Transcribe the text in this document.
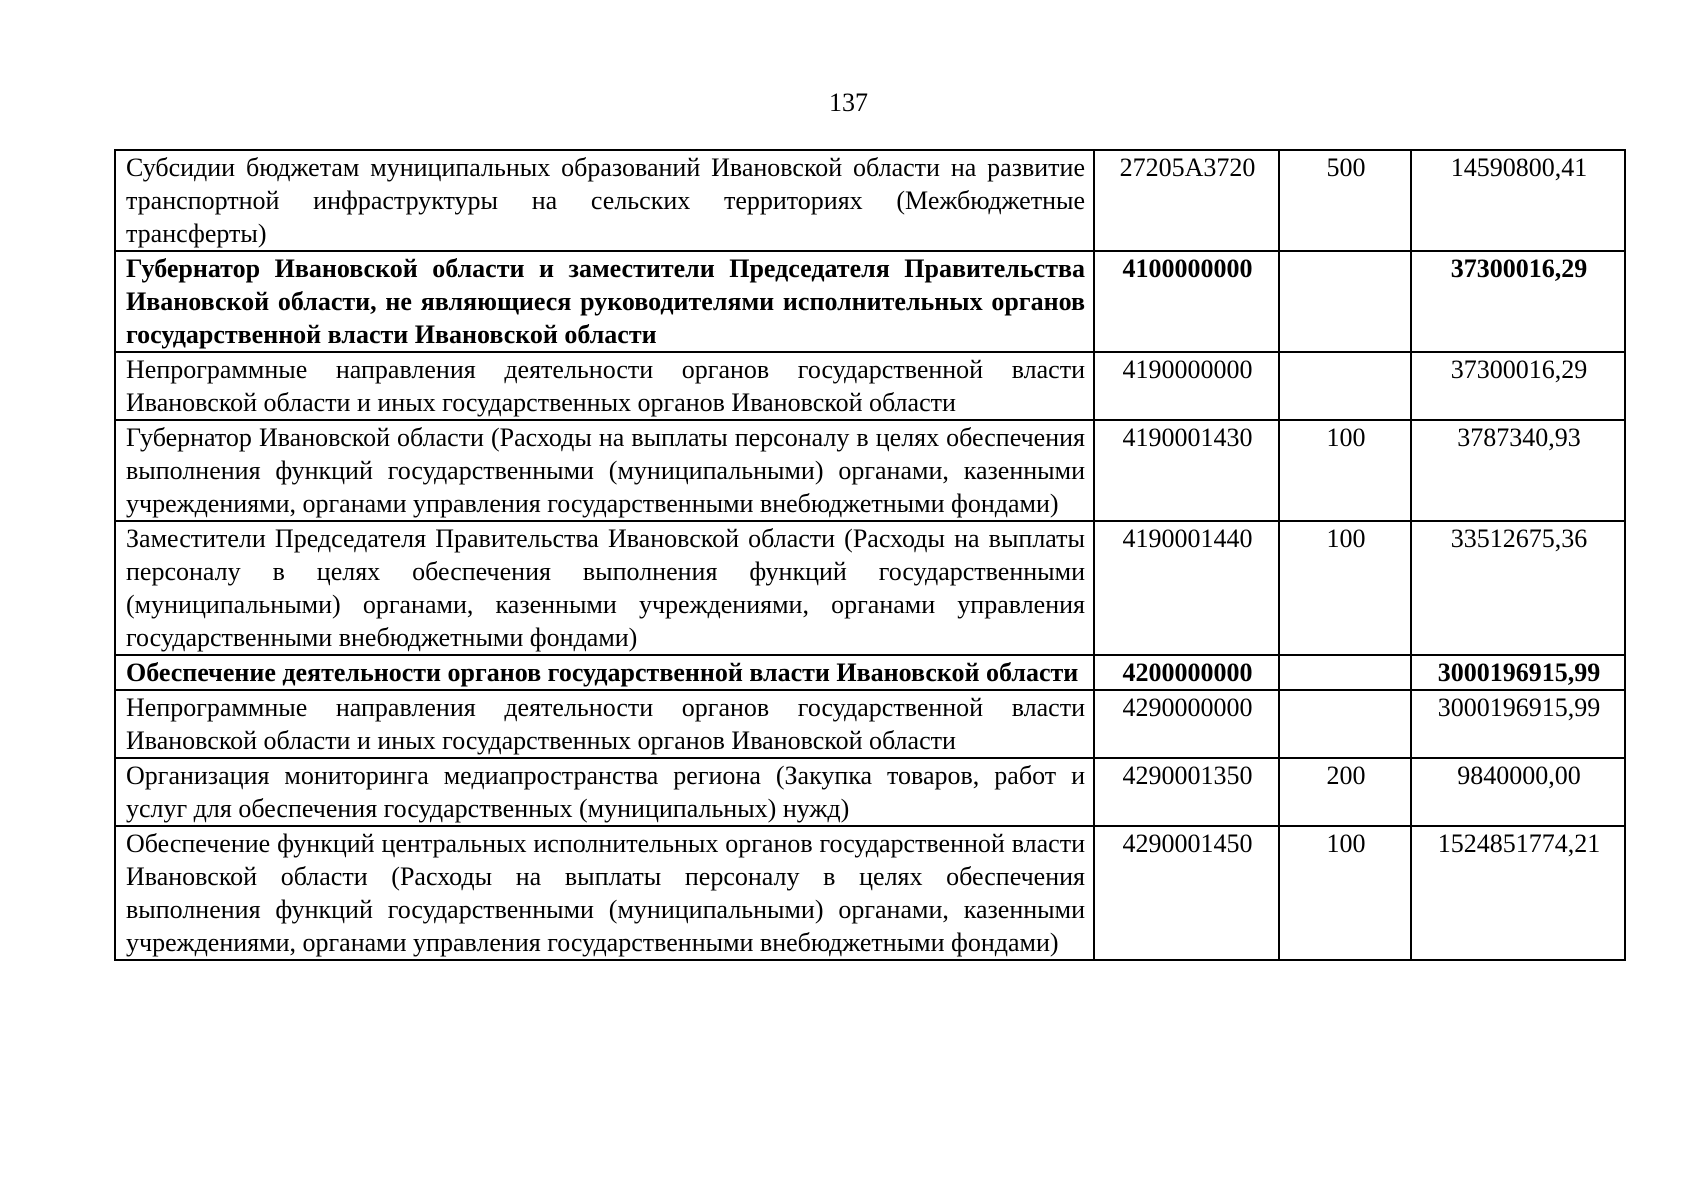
137
Субсидии бюджетам муниципальных образований Ивановской области на развитие транспортной инфраструктуры на сельских территориях (Межбюджетные трансферты)	27205А3720	500	14590800,41
Губернатор Ивановской области и заместители Председателя Правительства Ивановской области, не являющиеся руководителями исполнительных органов государственной власти Ивановской области	4100000000		37300016,29
Непрограммные направления деятельности органов государственной власти Ивановской области и иных государственных органов Ивановской области	4190000000		37300016,29
Губернатор Ивановской области (Расходы на выплаты персоналу в целях обеспечения выполнения функций государственными (муниципальными) органами, казенными учреждениями, органами управления государственными внебюджетными фондами)	4190001430	100	3787340,93
Заместители Председателя Правительства Ивановской области (Расходы на выплаты персоналу в целях обеспечения выполнения функций государственными (муниципальными) органами, казенными учреждениями, органами управления государственными внебюджетными фондами)	4190001440	100	33512675,36
Обеспечение деятельности органов государственной власти Ивановской области	4200000000		3000196915,99
Непрограммные направления деятельности органов государственной власти Ивановской области и иных государственных органов Ивановской области	4290000000		3000196915,99
Организация мониторинга медиапространства региона (Закупка товаров, работ и услуг для обеспечения государственных (муниципальных) нужд)	4290001350	200	9840000,00
Обеспечение функций центральных исполнительных органов государственной власти Ивановской области (Расходы на выплаты персоналу в целях обеспечения выполнения функций государственными (муниципальными) органами, казенными учреждениями, органами управления государственными внебюджетными фондами)	4290001450	100	1524851774,21
